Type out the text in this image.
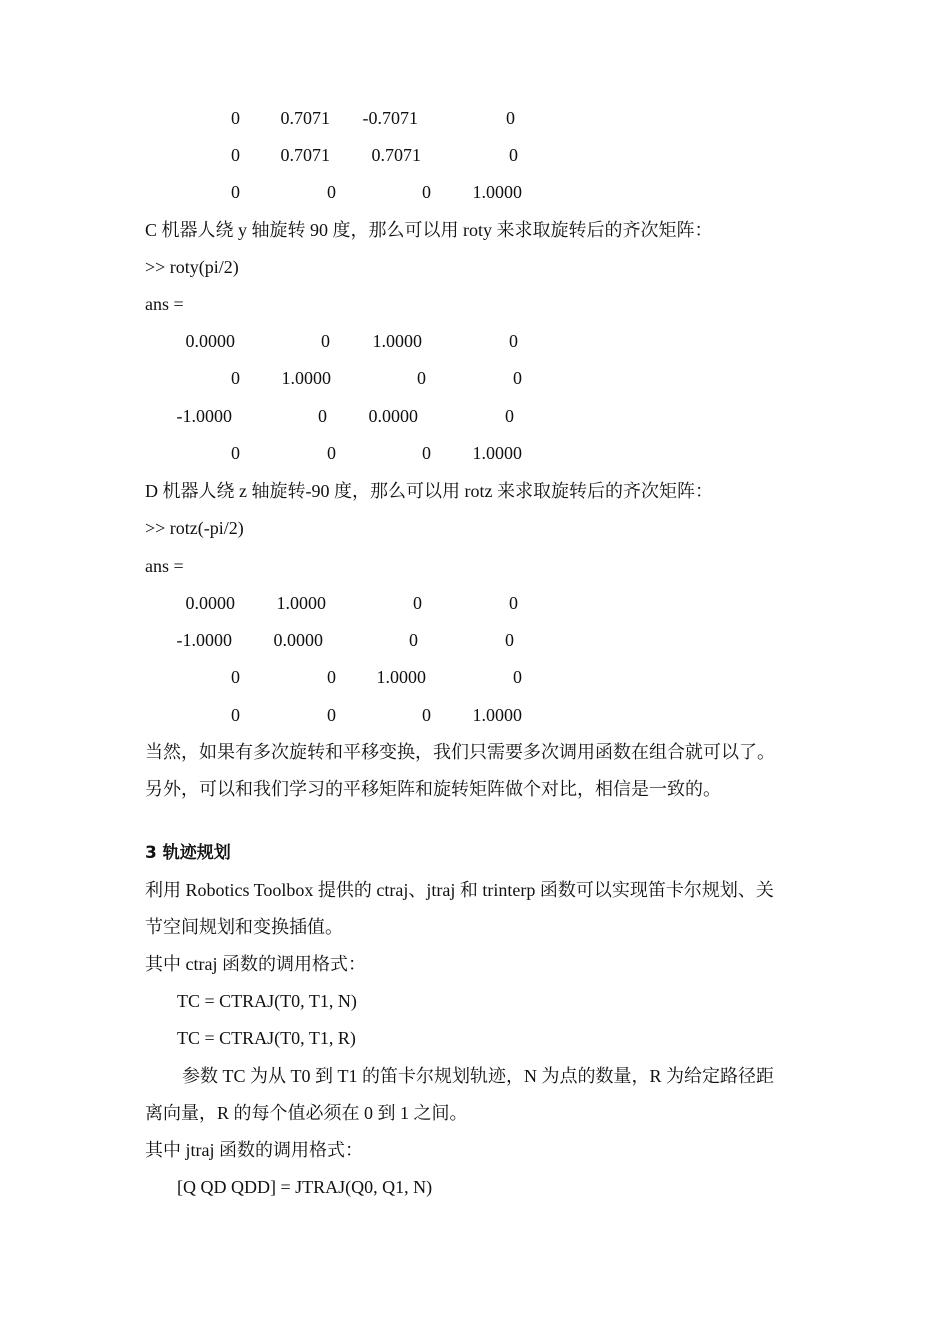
0	0.7071	-0.7071	0
0	0.7071	0.7071	0
0	0	0	1.0000
C 机器人绕 y 轴旋转 90 度，那么可以用 roty 来求取旋转后的齐次矩阵：
>> roty(pi/2)
ans =
0.0000	0	1.0000	0
0	1.0000	0	0
-1.0000	0	0.0000	0
0	0	0	1.0000
D 机器人绕 z 轴旋转-90 度，那么可以用 rotz 来求取旋转后的齐次矩阵：
>> rotz(-pi/2)
ans =
0.0000	1.0000	0	0
-1.0000	0.0000	0	0
0	0	1.0000	0
0	0	0	1.0000
当然，如果有多次旋转和平移变换，我们只需要多次调用函数在组合就可以了。
另外，可以和我们学习的平移矩阵和旋转矩阵做个对比，相信是一致的。
3 轨迹规划
利用 Robotics Toolbox 提供的 ctraj、jtraj 和 trinterp 函数可以实现笛卡尔规划、关
节空间规划和变换插值。
其中 ctraj 函数的调用格式：
TC = CTRAJ(T0, T1, N)
TC = CTRAJ(T0, T1, R)
参数 TC 为从 T0 到 T1 的笛卡尔规划轨迹，N 为点的数量，R 为给定路径距
离向量，R 的每个值必须在 0 到 1 之间。
其中 jtraj 函数的调用格式：
[Q QD QDD] = JTRAJ(Q0, Q1, N)
